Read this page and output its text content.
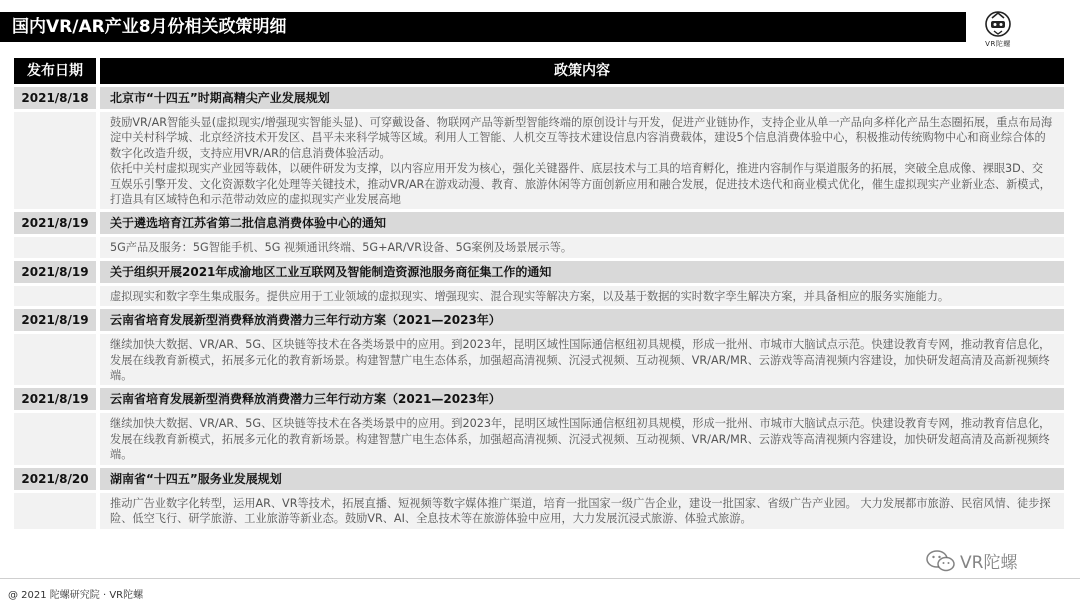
国内VR/AR产业8月份相关政策明细
VR陀螺
发布日期	政策内容
2021/8/18	北京市“十四五”时期高精尖产业发展规划

鼓励VR/AR智能头显(虚拟现实/增强现实智能头显)、可穿戴设备、物联网产品等新型智能终端的原创设计与开发，促进产业链协作，支持企业从单一产品向多样化产品生态圈拓展，重点布局海淀中关村科学城、北京经济技术开发区、昌平未来科学城等区域。利用人工智能、人机交互等技术建设信息内容消费载体，建设5个信息消费体验中心，积极推动传统购物中心和商业综合体的数字化改造升级，支持应用VR/AR的信息消费体验活动。

依托中关村虚拟现实产业园等载体，以硬件研发为支撑，以内容应用开发为核心，强化关键器件、底层技术与工具的培育孵化，推进内容制作与渠道服务的拓展，突破全息成像、裸眼3D、交互娱乐引擎开发、文化资源数字化处理等关键技术，推动VR/AR在游戏动漫、教育、旅游休闲等方面创新应用和融合发展，促进技术迭代和商业模式优化，催生虚拟现实产业新业态、新模式，打造具有区域特色和示范带动效应的虚拟现实产业发展高地

2021/8/19	关于遴选培育江苏省第二批信息消费体验中心的通知

5G产品及服务：5G智能手机、5G 视频通讯终端、5G+AR/VR设备、5G案例及场景展示等。

2021/8/19	关于组织开展2021年成渝地区工业互联网及智能制造资源池服务商征集工作的通知

虚拟现实和数字孪生集成服务。提供应用于工业领域的虚拟现实、增强现实、混合现实等解决方案，以及基于数据的实时数字孪生解决方案，并具备相应的服务实施能力。

2021/8/19	云南省培育发展新型消费释放消费潜力三年行动方案（2021—2023年）

继续加快大数据、VR/AR、5G、区块链等技术在各类场景中的应用。到2023年，昆明区域性国际通信枢纽初具规模，形成一批州、市城市大脑试点示范。快建设教育专网，推动教育信息化，发展在线教育新模式，拓展多元化的教育新场景。构建智慧广电生态体系，加强超高清视频、沉浸式视频、互动视频、VR/AR/MR、云游戏等高清视频内容建设，加快研发超高清及高新视频终端。

2021/8/19	云南省培育发展新型消费释放消费潜力三年行动方案（2021—2023年）

继续加快大数据、VR/AR、5G、区块链等技术在各类场景中的应用。到2023年，昆明区域性国际通信枢纽初具规模，形成一批州、市城市大脑试点示范。快建设教育专网，推动教育信息化，发展在线教育新模式，拓展多元化的教育新场景。构建智慧广电生态体系，加强超高清视频、沉浸式视频、互动视频、VR/AR/MR、云游戏等高清视频内容建设，加快研发超高清及高新视频终端。

2021/8/20	湖南省“十四五”服务业发展规划

推动广告业数字化转型，运用AR、VR等技术，拓展直播、短视频等数字媒体推广渠道，培育一批国家一级广告企业，建设一批国家、省级广告产业园。 大力发展都市旅游、民宿风情、徒步探险、低空飞行、研学旅游、工业旅游等新业态。鼓励VR、AI、全息技术等在旅游体验中应用，大力发展沉浸式旅游、体验式旅游。

@ 2021 陀螺研究院 · VR陀螺
VR陀螺
